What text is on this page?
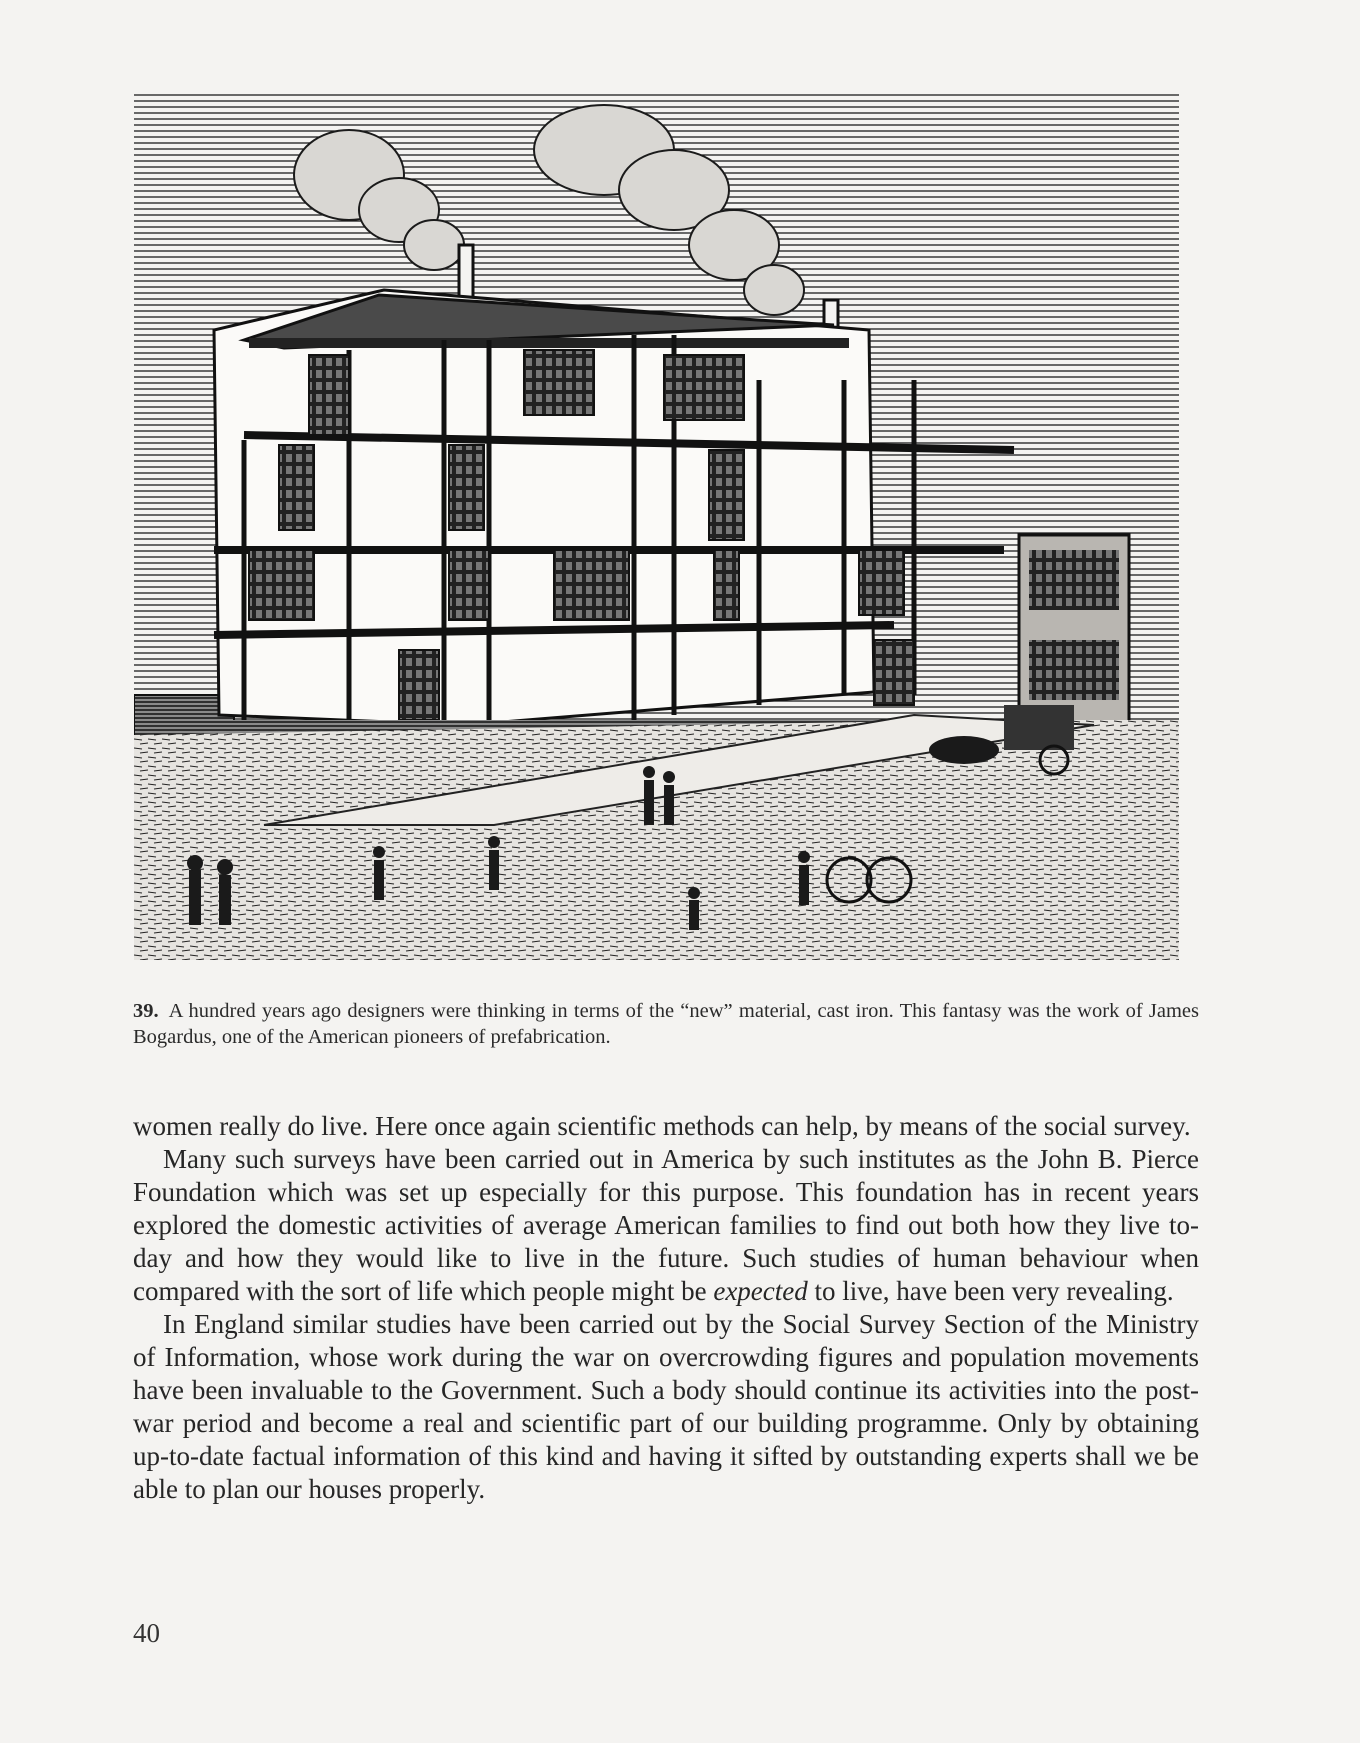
39. A hundred years ago designers were thinking in terms of the “new” material, cast iron. This fantasy was the work of James Bogardus, one of the American pioneers of prefabrication.

women really do live. Here once again scientific methods can help, by means of the social survey.

Many such surveys have been carried out in America by such institutes as the John B. Pierce Foundation which was set up especially for this purpose. This foundation has in recent years explored the domestic activities of average American families to find out both how they live to-day and how they would like to live in the future. Such studies of human behaviour when compared with the sort of life which people might be expected to live, have been very revealing.

In England similar studies have been carried out by the Social Survey Section of the Ministry of Information, whose work during the war on overcrowding figures and population movements have been invaluable to the Government. Such a body should continue its activities into the post-war period and become a real and scientific part of our building programme. Only by obtaining up-to-date factual information of this kind and having it sifted by outstanding experts shall we be able to plan our houses properly.

40
